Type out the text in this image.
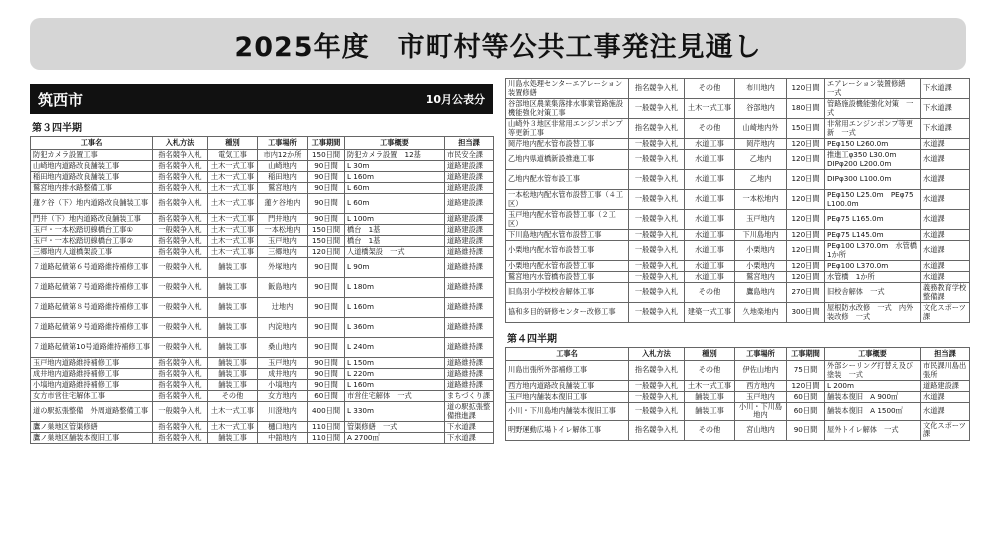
2025年度　市町村等公共工事発注見通し
筑西市	10月公表分
第３四半期
工事名	入札方法	種別	工事場所	工事期間	工事概要	担当課
防犯カメラ設置工事	指名競争入札	電気工事	市内12か所	150日間	防犯カメラ設置　12基	市民安全課
山崎地内道路改良舗装工事	指名競争入札	土木一式工事	山崎地内	90日間	L 30m	道路建設課
稲田地内道路改良舗装工事	指名競争入札	土木一式工事	稲田地内	90日間	L 160m	道路建設課
鷲宮地内排水路整備工事	指名競争入札	土木一式工事	鷲宮地内	90日間	L 60m	道路建設課
蓮ケ谷（下）地内道路改良舗装工事	指名競争入札	土木一式工事	蓮ケ谷地内	90日間	L 60m	道路建設課
門井（下）地内道路改良舗装工事	指名競争入札	土木一式工事	門井地内	90日間	L 100m	道路建設課
玉戸・一本松踏切線橋台工事①	一般競争入札	土木一式工事	一本松地内	150日間	橋台　1基	道路建設課
玉戸・一本松踏切線橋台工事②	指名競争入札	土木一式工事	玉戸地内	150日間	橋台　1基	道路建設課
三郷地内人道橋架設工事	指名競争入札	土木一式工事	三郷地内	120日間	人道橋架設　一式	道路維持課
７道路起債第６号道路維持補修工事	一般競争入札	舗装工事	外塚地内	90日間	L 90m	道路維持課
７道路起債第７号道路維持補修工事	一般競争入札	舗装工事	飯島地内	90日間	L 180m	道路維持課
７道路起債第８号道路維持補修工事	一般競争入札	舗装工事	辻地内	90日間	L 160m	道路維持課
７道路起債第９号道路維持補修工事	一般競争入札	舗装工事	内淀地内	90日間	L 360m	道路維持課
７道路起債第10号道路維持補修工事	一般競争入札	舗装工事	桑山地内	90日間	L 240m	道路維持課
玉戸地内道路維持補修工事	指名競争入札	舗装工事	玉戸地内	90日間	L 150m	道路維持課
成井地内道路維持補修工事	指名競争入札	舗装工事	成井地内	90日間	L 220m	道路維持課
小塙地内道路維持補修工事	指名競争入札	舗装工事	小塙地内	90日間	L 160m	道路維持課
女方市営住宅解体工事	指名競争入札	その他	女方地内	60日間	市営住宅解体　一式	まちづくり課
道の駅拡張整備　外周道路整備工事	一般競争入札	土木一式工事	川澄地内	400日間	L 330m	道の駅拡張整備推進課
鷹ノ巣地区管渠修繕	指名競争入札	土木一式工事	樋口地内	110日間	管渠修繕　一式	下水道課
鷹ノ巣地区舗装本復旧工事	指名競争入札	舗装工事	中舘地内	110日間	A 2700㎡	下水道課
川島水処理センターエアレーション装置修繕	指名競争入札	その他	布川地内	120日間	エアレーション装置修繕　一式	下水道課
谷部地区農業集落排水事業管路施設機能強化対策工事	一般競争入札	土木一式工事	谷部地内	180日間	管路施設機能強化対策　一式	下水道課
山崎外３地区非常用エンジンポンプ等更新工事	指名競争入札	その他	山崎地内外	150日間	非常用エンジンポンプ等更新　一式	下水道課
岡芹地内配水管布設替工事	一般競争入札	水道工事	岡芹地内	120日間	PEφ150 L260.0m	水道課
乙地内県道橋新設推進工事	一般競争入札	水道工事	乙地内	120日間	推進工φ350 L30.0m　DIPφ200 L200.0m	水道課
乙地内配水管布設工事	一般競争入札	水道工事	乙地内	120日間	DIPφ300 L100.0m	水道課
一本松地内配水管布設替工事（４工区）	一般競争入札	水道工事	一本松地内	120日間	PEφ150 L25.0m　PEφ75 L100.0m	水道課
玉戸地内配水管布設替工事（２工区）	一般競争入札	水道工事	玉戸地内	120日間	PEφ75 L165.0m	水道課
下川島地内配水管布設替工事	一般競争入札	水道工事	下川島地内	120日間	PEφ75 L145.0m	水道課
小栗地内配水管布設替工事	一般競争入札	水道工事	小栗地内	120日間	PEφ100 L370.0m　水管橋　1か所	水道課
小栗地内配水管布設替工事	一般競争入札	水道工事	小栗地内	120日間	PEφ100 L370.0m	水道課
鷲宮地内水管橋布設替工事	一般競争入札	水道工事	鷲宮地内	120日間	水管橋　1か所	水道課
旧鳥羽小学校校舎解体工事	一般競争入札	その他	鷹島地内	270日間	旧校舎解体　一式	義務教育学校整備課
協和多目的研修センター改修工事	一般競争入札	建築一式工事	久地楽地内	300日間	屋根防水改修　一式　内外装改修　一式	文化スポーツ課
第４四半期
工事名	入札方法	種別	工事場所	工事期間	工事概要	担当課
川島出張所外部補修工事	指名競争入札	その他	伊佐山地内	75日間	外部シーリング打替え及び塗装　一式	市民課川島出張所
西方地内道路改良舗装工事	一般競争入札	土木一式工事	西方地内	120日間	L 200m	道路建設課
玉戸地内舗装本復旧工事	一般競争入札	舗装工事	玉戸地内	60日間	舗装本復旧　A 900㎡	水道課
小川・下川島地内舗装本復旧工事	一般競争入札	舗装工事	小川・下川島地内	60日間	舗装本復旧　A 1500㎡	水道課
明野運動広場トイレ解体工事	指名競争入札	その他	宮山地内	90日間	屋外トイレ解体　一式	文化スポーツ課
